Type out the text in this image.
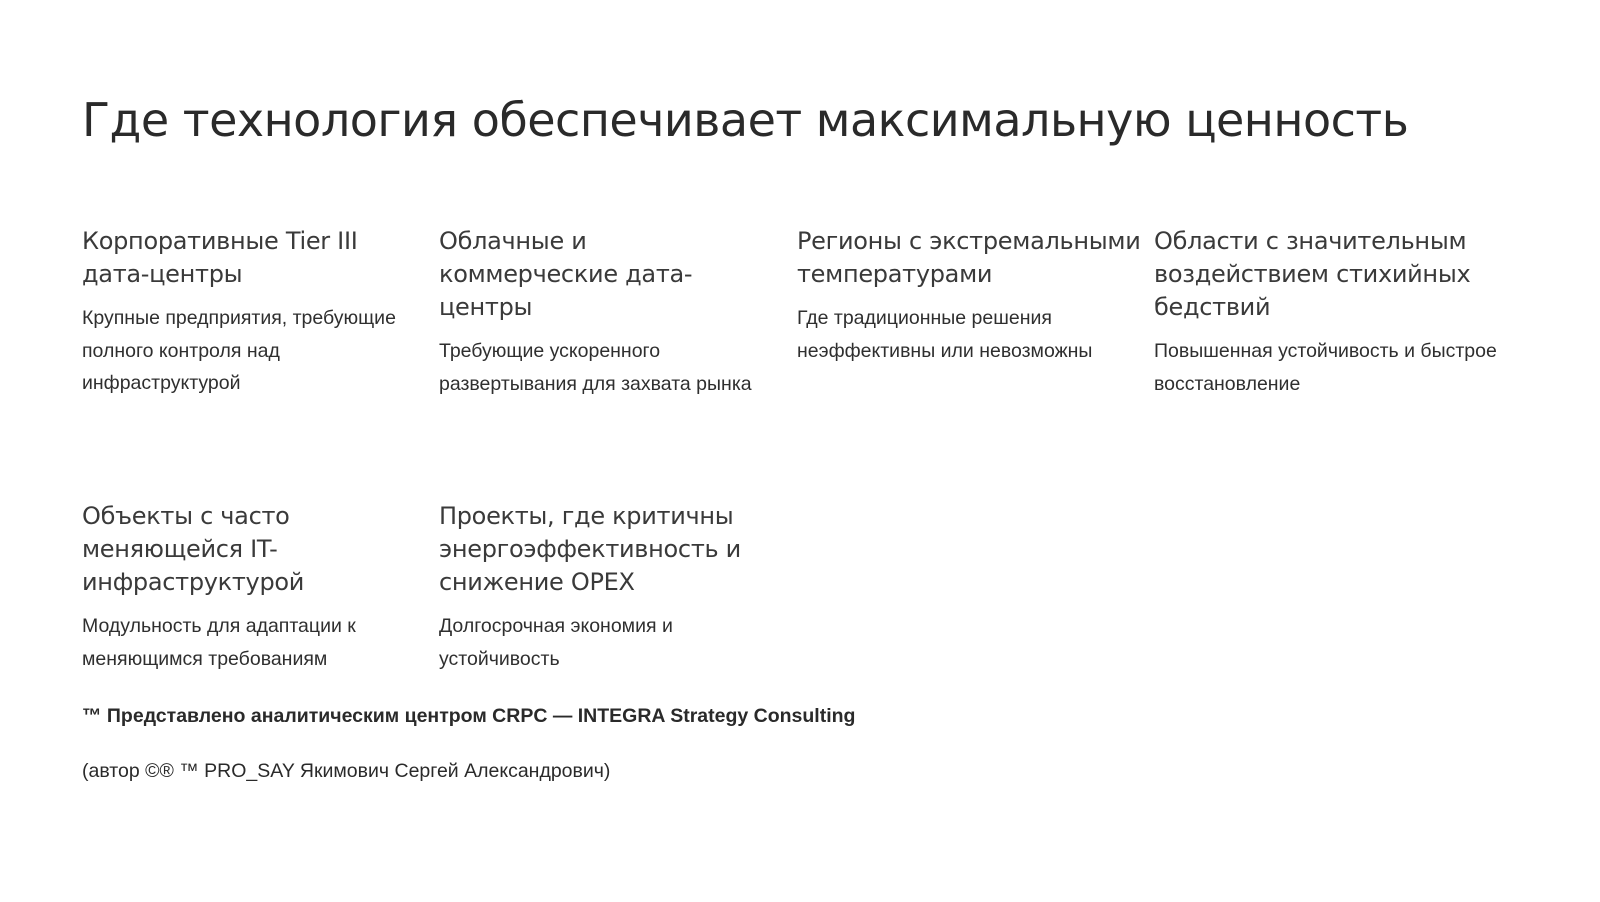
Где технология обеспечивает максимальную ценность
Корпоративные Tier III дата-центры

Крупные предприятия, требующие полного контроля над инфраструктурой

Облачные и коммерческие дата-центры

Требующие ускоренного развертывания для захвата рынка

Регионы с экстремальными температурами

Где традиционные решения неэффективны или невозможны

Области с значительным воздействием стихийных бедствий

Повышенная устойчивость и быстрое восстановление

Объекты с часто меняющейся IT-инфраструктурой

Модульность для адаптации к меняющимся требованиям

Проекты, где критичны энергоэффективность и снижение OPEX

Долгосрочная экономия и устойчивость

™ Представлено аналитическим центром CRPC — INTEGRA Strategy Consulting

(автор ©® ™ PRO_SAY Якимович Сергей Александрович)
